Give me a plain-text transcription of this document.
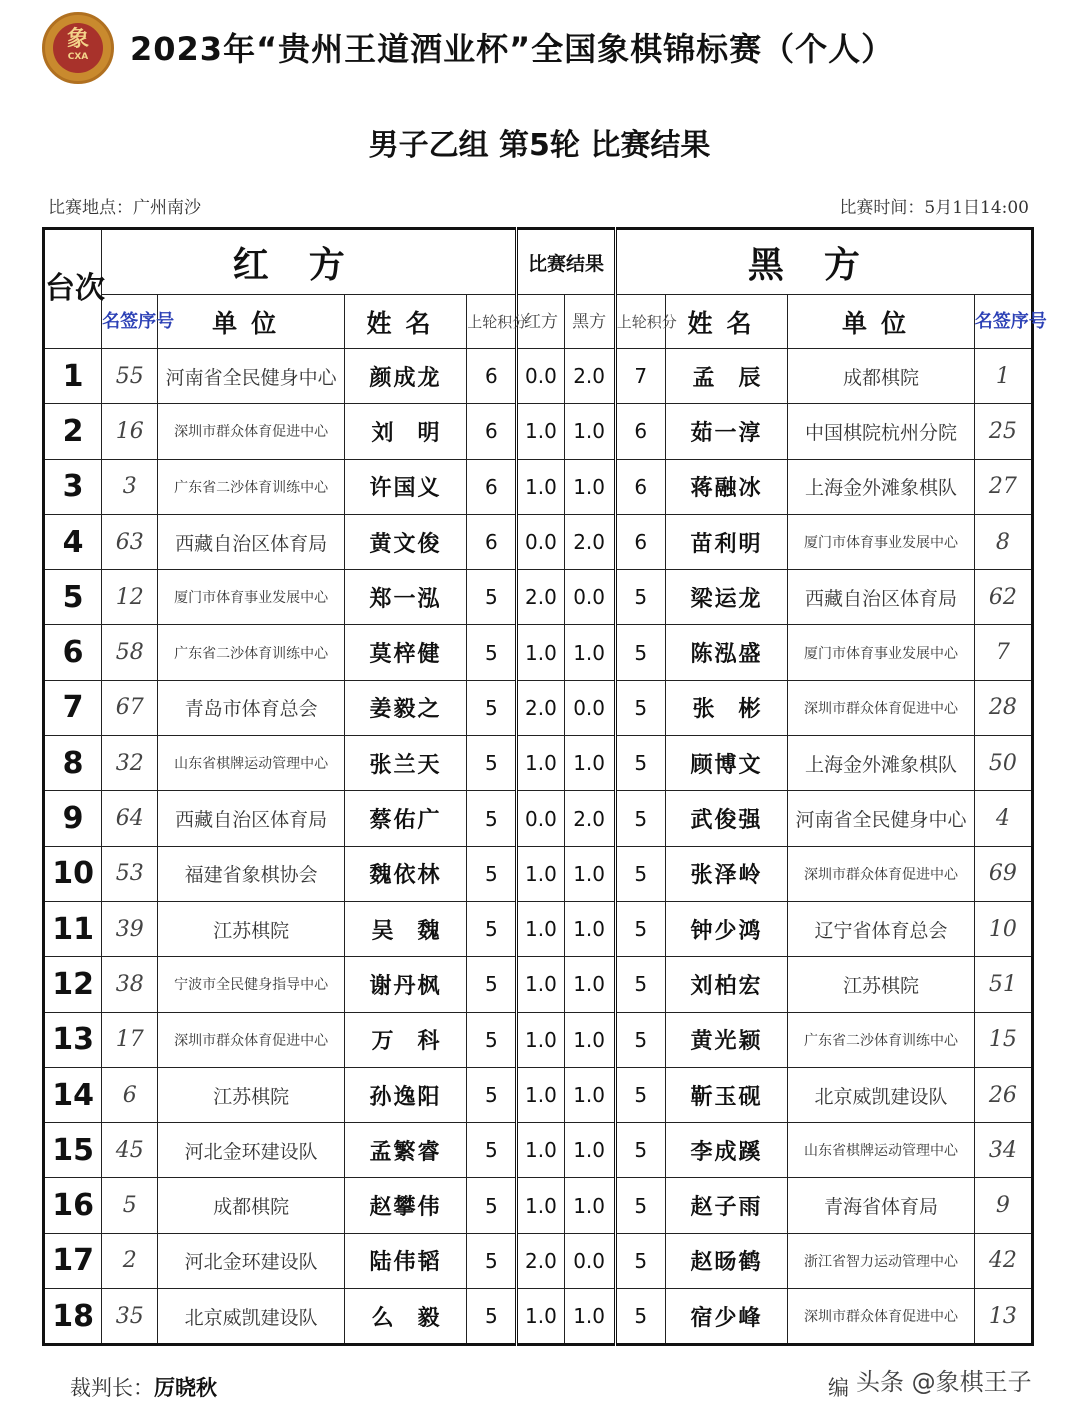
象
CXA	2023年“贵州王道酒业杯”全国象棋锦标赛（个人）
男子乙组 第5轮 比赛结果
比赛地点：广州南沙	比赛时间：5月1日14:00
台次	红方				比赛结果		黑方			
	名签序号	单位	姓名	上轮积分	红方	黑方	上轮积分	姓名	单位	名签序号
1	55	河南省全民健身中心	颜成龙	6	0.0	2.0	7	孟辰	成都棋院	1
2	16	深圳市群众体育促进中心	刘明	6	1.0	1.0	6	茹一淳	中国棋院杭州分院	25
3	3	广东省二沙体育训练中心	许国义	6	1.0	1.0	6	蒋融冰	上海金外滩象棋队	27
4	63	西藏自治区体育局	黄文俊	6	0.0	2.0	6	苗利明	厦门市体育事业发展中心	8
5	12	厦门市体育事业发展中心	郑一泓	5	2.0	0.0	5	梁运龙	西藏自治区体育局	62
6	58	广东省二沙体育训练中心	莫梓健	5	1.0	1.0	5	陈泓盛	厦门市体育事业发展中心	7
7	67	青岛市体育总会	姜毅之	5	2.0	0.0	5	张彬	深圳市群众体育促进中心	28
8	32	山东省棋牌运动管理中心	张兰天	5	1.0	1.0	5	顾博文	上海金外滩象棋队	50
9	64	西藏自治区体育局	蔡佑广	5	0.0	2.0	5	武俊强	河南省全民健身中心	4
10	53	福建省象棋协会	魏依林	5	1.0	1.0	5	张泽岭	深圳市群众体育促进中心	69
11	39	江苏棋院	吴魏	5	1.0	1.0	5	钟少鸿	辽宁省体育总会	10
12	38	宁波市全民健身指导中心	谢丹枫	5	1.0	1.0	5	刘柏宏	江苏棋院	51
13	17	深圳市群众体育促进中心	万科	5	1.0	1.0	5	黄光颖	广东省二沙体育训练中心	15
14	6	江苏棋院	孙逸阳	5	1.0	1.0	5	靳玉砚	北京威凯建设队	26
15	45	河北金环建设队	孟繁睿	5	1.0	1.0	5	李成蹊	山东省棋牌运动管理中心	34
16	5	成都棋院	赵攀伟	5	1.0	1.0	5	赵子雨	青海省体育局	9
17	2	河北金环建设队	陆伟韬	5	2.0	0.0	5	赵旸鹤	浙江省智力运动管理中心	42
18	35	北京威凯建设队	么毅	5	1.0	1.0	5	宿少峰	深圳市群众体育促进中心	13
裁判长：厉晓秋	编 头条 @象棋王子
